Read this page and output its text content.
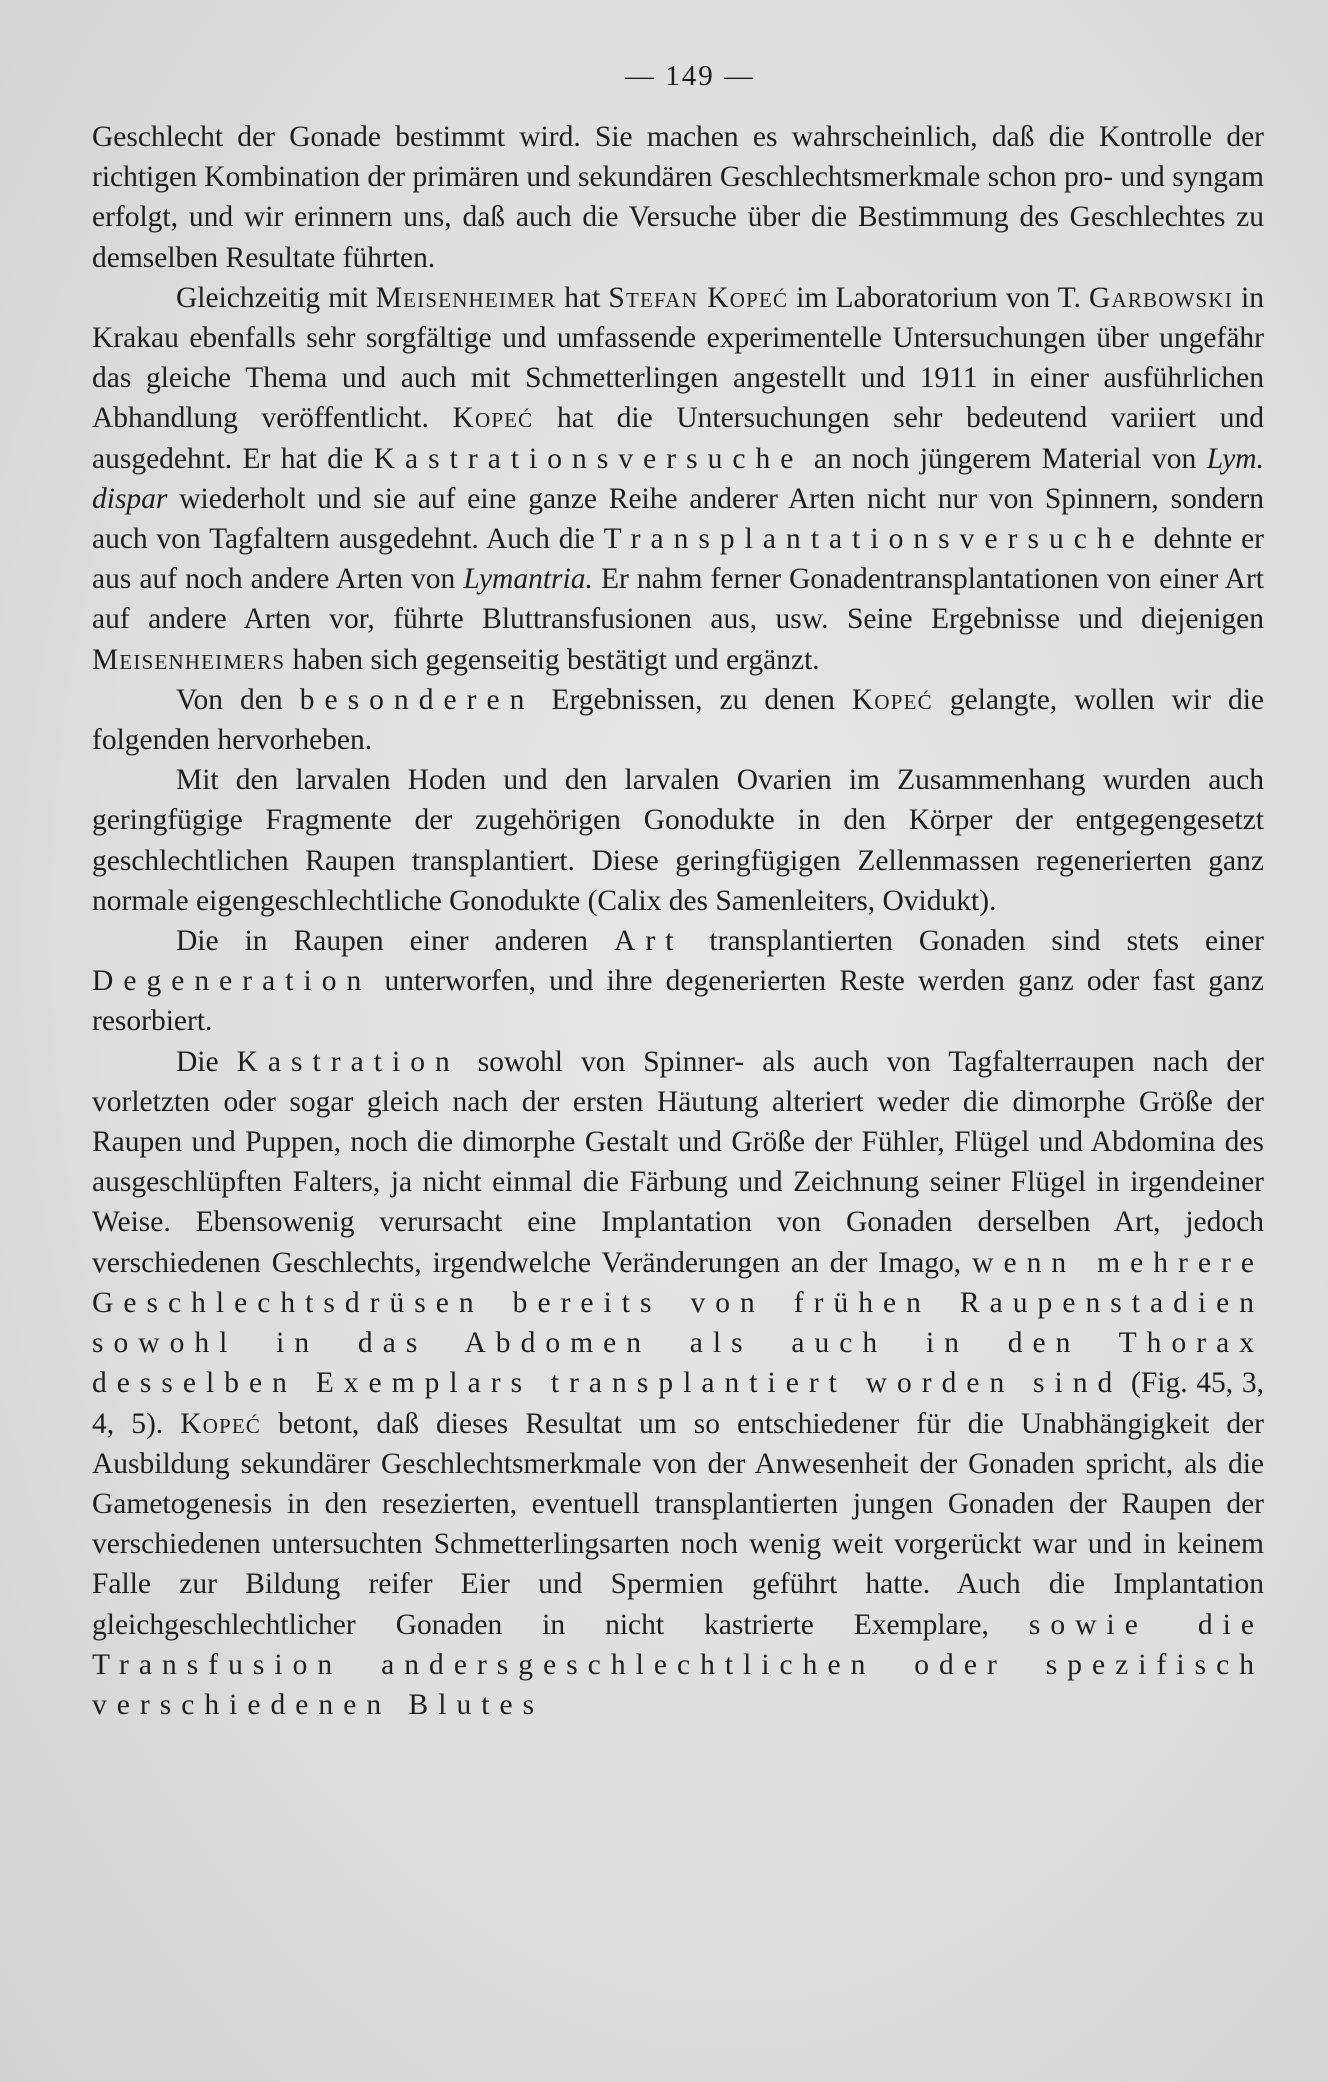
— 149 —

Geschlecht der Gonade bestimmt wird. Sie machen es wahrscheinlich, daß die Kontrolle der richtigen Kombination der primären und sekundären Geschlechtsmerkmale schon pro- und syngam erfolgt, und wir erinnern uns, daß auch die Versuche über die Bestimmung des Geschlechtes zu demselben Resultate führten.

Gleichzeitig mit Meisenheimer hat Stefan Kopeć im Laboratorium von T. Garbowski in Krakau ebenfalls sehr sorgfältige und umfassende experimentelle Untersuchungen über ungefähr das gleiche Thema und auch mit Schmetterlingen angestellt und 1911 in einer ausführlichen Abhandlung veröffentlicht. Kopeć hat die Untersuchungen sehr bedeutend variiert und ausgedehnt. Er hat die Kastrationsversuche an noch jüngerem Material von Lym. dispar wiederholt und sie auf eine ganze Reihe anderer Arten nicht nur von Spinnern, sondern auch von Tagfaltern ausgedehnt. Auch die Transplantationsversuche dehnte er aus auf noch andere Arten von Lymantria. Er nahm ferner Gonadentransplantationen von einer Art auf andere Arten vor, führte Bluttransfusionen aus, usw. Seine Ergebnisse und diejenigen Meisenheimers haben sich gegenseitig bestätigt und ergänzt.

Von den besonderen Ergebnissen, zu denen Kopeć gelangte, wollen wir die folgenden hervorheben.

Mit den larvalen Hoden und den larvalen Ovarien im Zusammenhang wurden auch geringfügige Fragmente der zugehörigen Gonodukte in den Körper der entgegengesetzt geschlechtlichen Raupen transplantiert. Diese geringfügigen Zellenmassen regenerierten ganz normale eigengeschlechtliche Gonodukte (Calix des Samenleiters, Ovidukt).

Die in Raupen einer anderen Art transplantierten Gonaden sind stets einer Degeneration unterworfen, und ihre degenerierten Reste werden ganz oder fast ganz resorbiert.

Die Kastration sowohl von Spinner- als auch von Tagfalterraupen nach der vorletzten oder sogar gleich nach der ersten Häutung alteriert weder die dimorphe Größe der Raupen und Puppen, noch die dimorphe Gestalt und Größe der Fühler, Flügel und Abdomina des ausgeschlüpften Falters, ja nicht einmal die Färbung und Zeichnung seiner Flügel in irgendeiner Weise. Ebensowenig verursacht eine Implantation von Gonaden derselben Art, jedoch verschiedenen Geschlechts, irgendwelche Veränderungen an der Imago, wenn mehrere Geschlechtsdrüsen bereits von frühen Raupenstadien sowohl in das Abdomen als auch in den Thorax desselben Exemplars transplantiert worden sind (Fig. 45, 3, 4, 5). Kopeć betont, daß dieses Resultat um so entschiedener für die Unabhängigkeit der Ausbildung sekundärer Geschlechtsmerkmale von der Anwesenheit der Gonaden spricht, als die Gametogenesis in den resezierten, eventuell transplantierten jungen Gonaden der Raupen der verschiedenen untersuchten Schmetterlingsarten noch wenig weit vorgerückt war und in keinem Falle zur Bildung reifer Eier und Spermien geführt hatte. Auch die Implantation gleichgeschlechtlicher Gonaden in nicht kastrierte Exemplare, sowie die Transfusion andersgeschlechtlichen oder spezifisch verschiedenen Blutes
